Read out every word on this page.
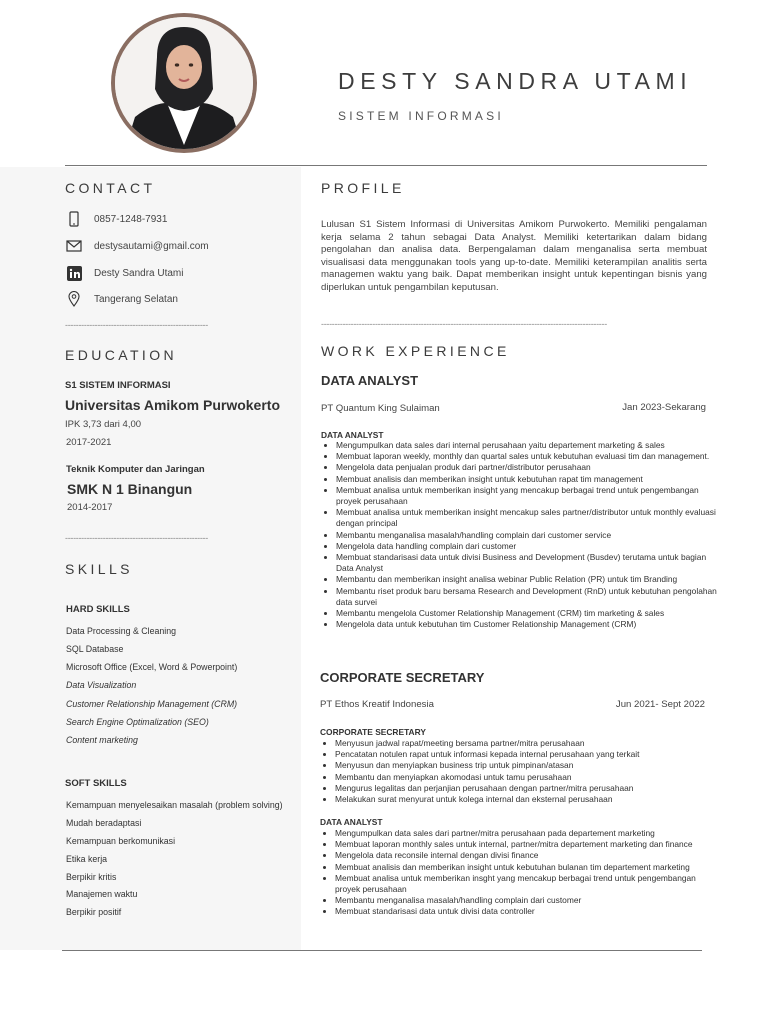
DESTY SANDRA UTAMI
SISTEM INFORMASI
CONTACT
0857-1248-7931
destysautami@gmail.com
Desty Sandra Utami
Tangerang Selatan
-----------------------------------------------------
EDUCATION
S1 SISTEM INFORMASI
Universitas Amikom Purwokerto
IPK 3,73 dari 4,00
2017-2021
Teknik Komputer dan Jaringan
SMK N 1 Binangun
2014-2017
-----------------------------------------------------
SKILLS
HARD SKILLS
Data Processing & Cleaning
SQL Database
Microsoft Office (Excel, Word & Powerpoint)
Data Visualization
Customer Relationship Management (CRM)
Search Engine Optimalization (SEO)
Content marketing
SOFT SKILLS
Kemampuan menyelesaikan masalah (problem solving)
Mudah beradaptasi
Kemampuan berkomunikasi
Etika kerja
Berpikir kritis
Manajemen waktu
Berpikir positif
PROFILE
Lulusan S1 Sistem Informasi di Universitas Amikom Purwokerto. Memiliki pengalaman kerja selama 2 tahun sebagai Data Analyst. Memiliki ketertarikan dalam bidang pengolahan dan analisa data. Berpengalaman dalam menganalisa serta membuat visualisasi data menggunakan tools yang up-to-date. Memiliki keterampilan analitis serta managemen waktu yang baik. Dapat memberikan insight untuk kepentingan bisnis yang diperlukan untuk pengambilan keputusan.
----------------------------------------------------------------------------------------------------------
WORK EXPERIENCE
DATA ANALYST
PT Quantum King Sulaiman	Jan 2023-Sekarang
DATA ANALYST
• Mengumpulkan data sales dari internal perusahaan yaitu departement marketing & sales
• Membuat laporan weekly, monthly dan quartal sales untuk kebutuhan evaluasi tim dan management.
• Mengelola data penjualan produk dari partner/distributor perusahaan
• Membuat analisis dan memberikan insight untuk kebutuhan rapat tim management
• Membuat analisa untuk memberikan insight yang mencakup berbagai trend untuk pengembangan proyek perusahaan
• Membuat analisa untuk memberikan insight mencakup sales partner/distributor untuk monthly evaluasi dengan principal
• Membantu menganalisa masalah/handling complain dari customer service
• Mengelola data handling complain dari customer
• Membuat standarisasi data untuk divisi Business and Development (Busdev) terutama untuk bagian Data Analyst
• Membantu dan memberikan insight analisa webinar Public Relation (PR) untuk tim Branding
• Membantu riset produk baru bersama Research and Development (RnD) untuk kebutuhan pengolahan data survei
• Membantu mengelola Customer Relationship Management (CRM) tim marketing & sales
• Mengelola data untuk kebutuhan tim Customer Relationship Management (CRM)
CORPORATE SECRETARY
PT Ethos Kreatif Indonesia	Jun 2021- Sept 2022
CORPORATE SECRETARY
• Menyusun jadwal rapat/meeting bersama partner/mitra perusahaan
• Pencatatan notulen rapat untuk informasi kepada internal perusahaan yang terkait
• Menyusun dan menyiapkan business trip untuk pimpinan/atasan
• Membantu dan menyiapkan akomodasi untuk tamu perusahaan
• Mengurus legalitas dan perjanjian perusahaan dengan partner/mitra perusahaan
• Melakukan surat menyurat untuk kolega internal dan eksternal perusahaan
DATA ANALYST
• Mengumpulkan data sales dari partner/mitra perusahaan pada departement marketing
• Membuat laporan monthly sales untuk internal, partner/mitra departement marketing dan finance
• Mengelola data reconsile internal dengan divisi finance
• Membuat analisis dan memberikan insight untuk kebutuhan bulanan tim departement marketing
• Membuat analisa untuk memberikan insght yang mencakup berbagai trend untuk pengembangan proyek perusahaan
• Membantu menganalisa masalah/handling complain dari customer
• Membuat standarisasi data untuk divisi data controller
